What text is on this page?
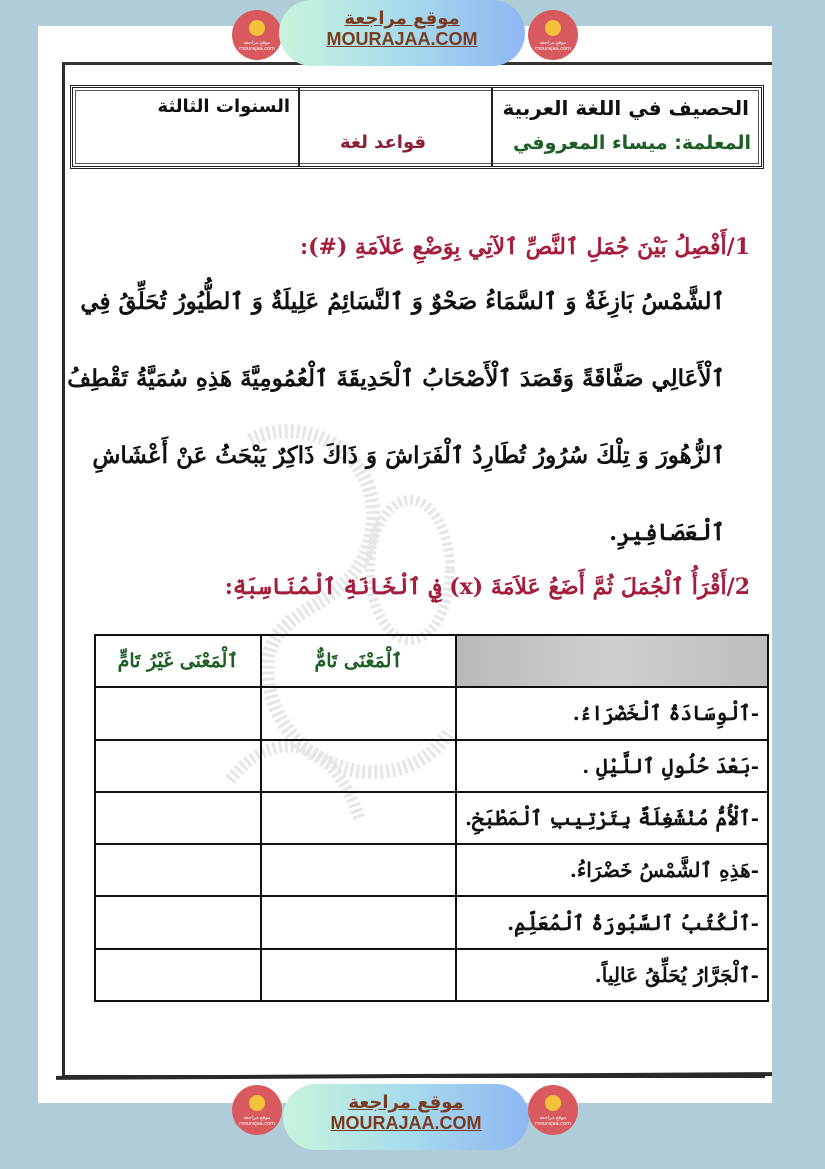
الحصيف في اللغة العربية
المعلمة: ميساء المعروفي
قواعد لغة
السنوات الثالثة
1/أَفْصِلُ بَيْنَ جُمَلِ ٱلنَّصِّ ٱلآتِي بِوَضْعِ عَلاَمَةِ (#):
ٱلشَّمْسُ بَازِغَةٌ وَ ٱلسَّمَاءُ صَحْوٌ وَ ٱلنَّسَائِمُ عَلِيلَةٌ وَ ٱلطُّيُورُ تُحَلِّقُ فِي
ٱلْأَعَالِي صَفَّاقَةً وَقَصَدَ ٱلْأَصْحَابُ ٱلْحَدِيقَةَ ٱلْعُمُومِيَّةَ هَذِهِ سُمَيَّةُ تَقْطِفُ
ٱلزُّهُورَ وَ تِلْكَ سُرُورُ تُطَارِدُ ٱلْفَرَاشَ وَ ذَاكَ ذَاكِرٌ يَبْحَثُ عَنْ أَعْشَاشِ
ٱلْعَصَافِيرِ.
2/أَقْرَأُ ٱلْجُمَلَ ثُمَّ أَضَعُ عَلاَمَةَ (x) فِي ٱلْخَانَةِ ٱلْمُنَاسِبَةِ:
	ٱلْمَعْنَى تَامٌّ	ٱلْمَعْنَى غَيْرُ تَامٍّ
-ٱلْوِسَادَةُ ٱلْخَضْرَاءُ.		
-بَعْدَ حُلُولِ ٱللَّيْلِ .		
-ٱلْأُمُّ مُنْشَغِلَةٌ بِتَرْتِيبِ ٱلْمَطْبَخِ.		
-هَذِهِ ٱلشَّمْسُ خَضْرَاءُ.		
-ٱلْكُتُبُ ٱلسَّبُورَةُ ٱلْمُعَلِّمِ.		
-ٱلْجَرَّارُ يُحَلِّقُ عَالِياً.		
موقع مراجعة mourajaa.com
موقع مراجعة
MOURAJAA.COM	موقع مراجعة mourajaa.com
موقع مراجعة mourajaa.com
موقع مراجعة
MOURAJAA.COM	موقع مراجعة mourajaa.com
